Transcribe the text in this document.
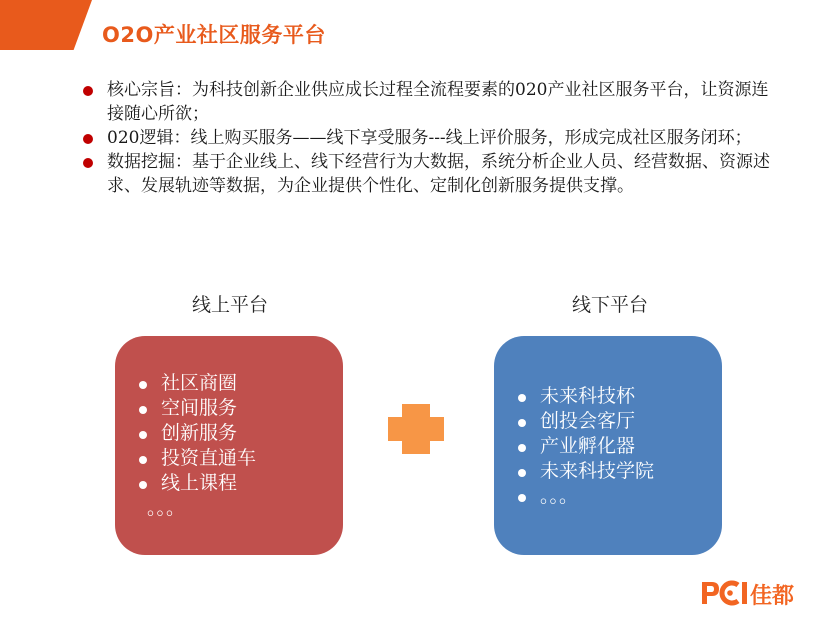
O2O产业社区服务平台
核心宗旨：为科技创新企业供应成长过程全流程要素的020产业社区服务平台，让资源连接随心所欲；
020逻辑：线上购买服务——线下享受服务---线上评价服务，形成完成社区服务闭环；
数据挖掘：基于企业线上、线下经营行为大数据，系统分析企业人员、经营数据、资源述求、发展轨迹等数据，为企业提供个性化、定制化创新服务提供支撑。
线上平台	线下平台
社区商圈
空间服务
创新服务
投资直通车
线上课程
。。。
未来科技杯
创投会客厅
产业孵化器
未来科技学院
。。。
佳都
